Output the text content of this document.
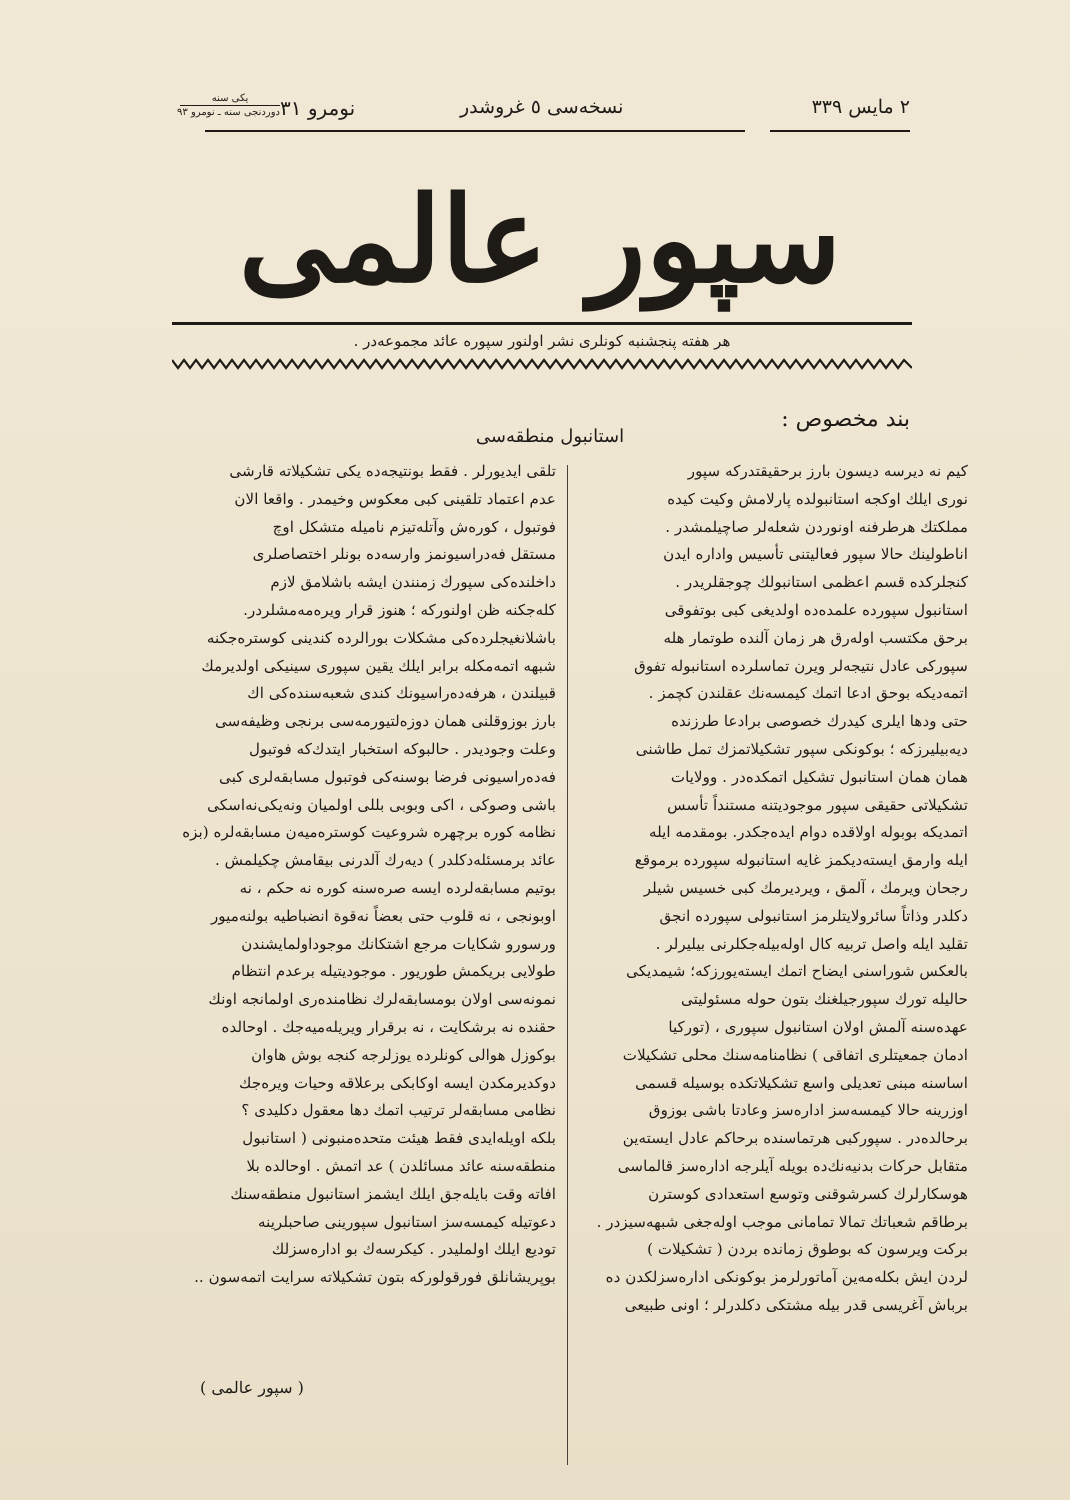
یکی سنه
دوردنجی سنه ـ نومرو ٩٣ نومرو ٣١	نسخه‌سی ٥ غروشدر	٢ مايس ٣٣٩
سپور عالمی
هر هفته پنجشنبه کونلری نشر اولنور سپوره عائد مجموعه‌در .
بند مخصوص :
استانبول منطقه‌سی

کیم نه دیرسه دیسون بارز برحقیقتدرکه سپور

نوری ایلك اوکجه استانبولده پارلامش وکیت کیده

مملکتك هرطرفنه اونوردن شعله‌لر صاچیلمشدر .

اناطولینك حالا سپور فعالیتنی تأسیس واداره ایدن

کنجلرکده قسم اعظمی استانبولك چوجقلریدر .

استانبول سپورده علمده‌ده اولدیغی کبی بوتفوقی

برحق مکتسب اولەرق هر زمان آلنده طوتمار هله

سپورکی عادل نتیجه‌لر ویرن تماسلرده استانبوله تفوق

اتمه‌دیکه بوحق ادعا اتمك کیمسه‌نك عقلندن کچمز .

حتی ودها ایلری کیدرك خصوصی برادعا طرزنده

دیه‌بیلیرزکه ؛ بوکونکی سپور تشکیلاتمزك تمل طاشنی

همان همان استانبول تشکیل اتمکده‌در . وولایات

تشکیلاتی حقیقی سپور موجودیتنه مستنداً تأسس

اتمدیکه بوبوله اولاقده دوام ایده‌جکدر. بومقدمه ایله

ایله وارمق ایسته‌دیکمز غایه استانبوله سپورده برموقع

رجحان ویرمك ، آلمق ، ویردیرمك کبی خسیس شیلر

دکلدر وذاتاً سائرولایتلرمز استانبولی سپورده انجق

تقلید ایله واصل تربیه کال اوله‌بیله‌جکلرنی بیلیرلر .

بالعکس شوراسنی ایضاح اتمك ایسته‌یورزکه؛ شیمدیکی

حالیله تورك سپورجیلغنك بتون حوله مسئولیتی

عهده‌سنه آلمش اولان استانبول سپوری ، (تورکیا

ادمان جمعیتلری اتفاقی ) نظامنامه‌سنك محلی تشکیلات

اساسنه مبنی تعدیلی واسع تشکیلاتکده بوسیله قسمی

اوزرینه حالا کیمسه‌سز اداره‌سز وعادتا باشی بوزوق

برحالده‌در . سپورکبی هرتماسنده برحاکم عادل ایسته‌ین

متقابل حرکات بدنیه‌نك‌ده بویله آیلرجه اداره‌سز قالماسی

هوسکارلرك کسرشوقنی وتوسع استعدادی کوسترن

برطاقم شعباتك تمالا تمامانی موجب اوله‌جغی شبهه‌سیزدر .

برکت ویرسون که بوطوق زمانده بردن ( تشکیلات )

لردن ایش بکله‌مه‌ین آماتورلرمز بوکونکی اداره‌سزلکدن ده

برباش آغریسی قدر بیله مشتکی دکلدرلر ؛ اونی طبیعی

تلقی ایدیورلر . فقط بونتیجه‌ده یکی تشکیلاته قارشی

عدم اعتماد تلقینی کبی معکوس وخیمدر . واقعا الان

فوتبول ، کورەش وآتله‌تیزم نامیله متشکل اوچ

مستقل فەدراسیونمز وارسەدە بونلر اختصاصلری

داخلنده‌کی سپورك زمنندن ایشه باشلامق لازم

کلەجکنه ظن اولنورکه ؛ هنوز قرار ویرەمەمشلردر.

باشلانغیجلرده‌کی مشکلات بورالرده کندینی کوسترەجکنه

شبهه اتمه‌مکله برابر ایلك یقین سپوری سینیکی اولدیرمك

قبیلندن ، هرفەدەراسیونك کندی شعبه‌سنده‌کی اك

بارز بوزوقلنی همان دوزەلتیورمەسی برنجی وظیفه‌سی

وعلت وجودیدر . حالبوکه استخبار ایتدك‌که فوتبول

فەدەراسیونی فرضا بوسنه‌کی فوتبول مسابقه‌لری کبی

باشی وصوکی ، اکی وبوبی بللی اولمیان ونه‌یکی‌نه‌اسکی

نظامه کوره برچهره شروعیت کوسترەمیەن مسابقه‌لره (بزه

عائد برمسئله‌دکلدر ) دیه‌رك آلدرنی بیقامش چکیلمش .

بوتیم مسابقه‌لرده ایسه صرەسنه کوره نه حکم ، نه

اوبونجی ، نه قلوب حتی بعضاً نه‌قوة انضباطیه بولنه‌میور

ورسورو شکایات مرجع اشتکانك موجوداولمایشندن

طولایی بریکمش طوریور . موجودیتیله برعدم انتظام

نمونه‌سی اولان بومسابقه‌لرك نظامنده‌ری اولمانجه اونك

حقنده نه برشکایت ، نه برقرار ویریله‌میه‌جك . اوحالده

بوکوزل هوالی کونلرده یوزلرجه کنجه بوش هاوان

دوکدیرمکدن ایسه اوکابکی برعلاقه وحیات ویرەجك

نظامی مسابقه‌لر ترتیب اتمك دها معقول دکلیدی ؟

بلکه اویله‌ایدی فقط هیئت متحده‌منبونی ( استانبول

منطقه‌سنه عائد مسائلدن ) عد اتمش . اوحالده بلا

افاته وقت بایله‌جق ایلك ایشمز استانبول منطقه‌سنك

دعوتیله کیمسه‌سز استانبول سپورینی صاحبلرینه

تودیع ایلك اولملیدر . کیکرسه‌ك بو اداره‌سزلك

بوپریشانلق فورقولورکه بتون تشکیلاته سرایت اتمه‌سون ..

( سپور عالمی )
